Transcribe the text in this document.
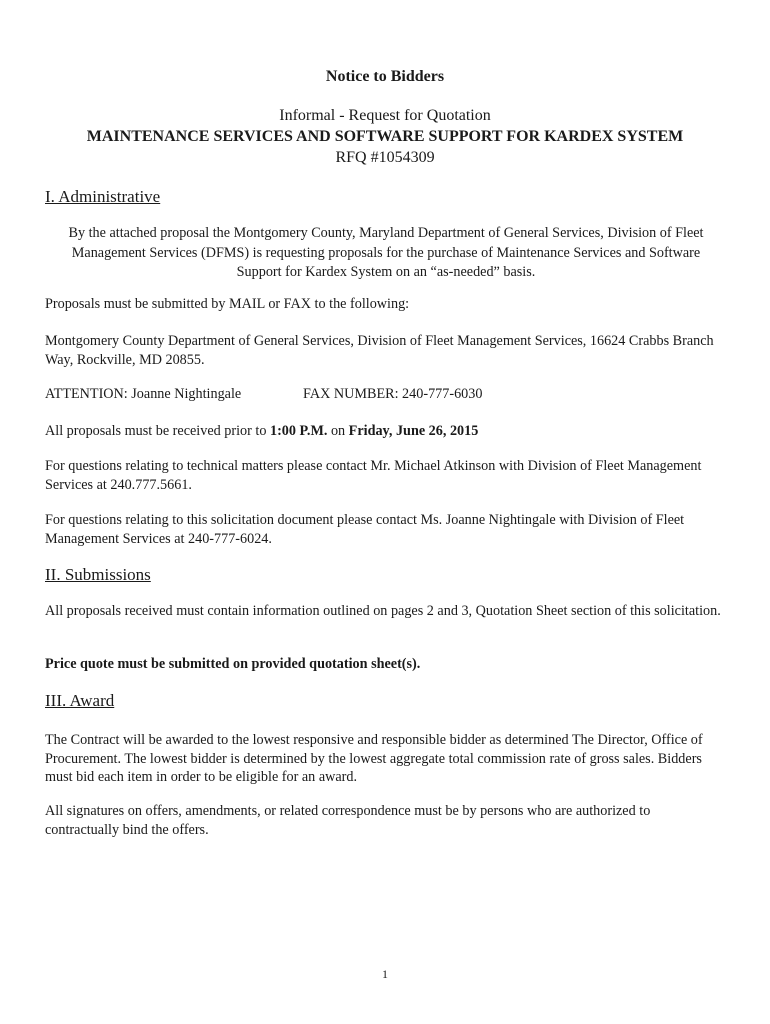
Notice to Bidders
Informal - Request for Quotation
MAINTENANCE SERVICES AND SOFTWARE SUPPORT FOR KARDEX SYSTEM
RFQ #1054309
I. Administrative
By the attached proposal the Montgomery County, Maryland Department of General Services, Division of Fleet Management Services (DFMS) is requesting proposals for the purchase of Maintenance Services and Software Support for Kardex System on an “as-needed” basis.
Proposals must be submitted by MAIL or FAX to the following:
Montgomery County Department of General Services, Division of Fleet Management Services, 16624 Crabbs Branch Way, Rockville, MD 20855.
ATTENTION: Joanne Nightingale	FAX NUMBER: 240-777-6030
All proposals must be received prior to 1:00 P.M. on Friday, June 26, 2015
For questions relating to technical matters please contact Mr. Michael Atkinson with Division of Fleet Management Services at 240.777.5661.
For questions relating to this solicitation document please contact Ms. Joanne Nightingale with Division of Fleet Management Services at 240-777-6024.
II. Submissions
All proposals received must contain information outlined on pages 2 and 3, Quotation Sheet section of this solicitation.
Price quote must be submitted on provided quotation sheet(s).
III. Award
The Contract will be awarded to the lowest responsive and responsible bidder as determined The Director, Office of Procurement. The lowest bidder is determined by the lowest aggregate total commission rate of gross sales. Bidders must bid each item in order to be eligible for an award.
All signatures on offers, amendments, or related correspondence must be by persons who are authorized to contractually bind the offers.
1
